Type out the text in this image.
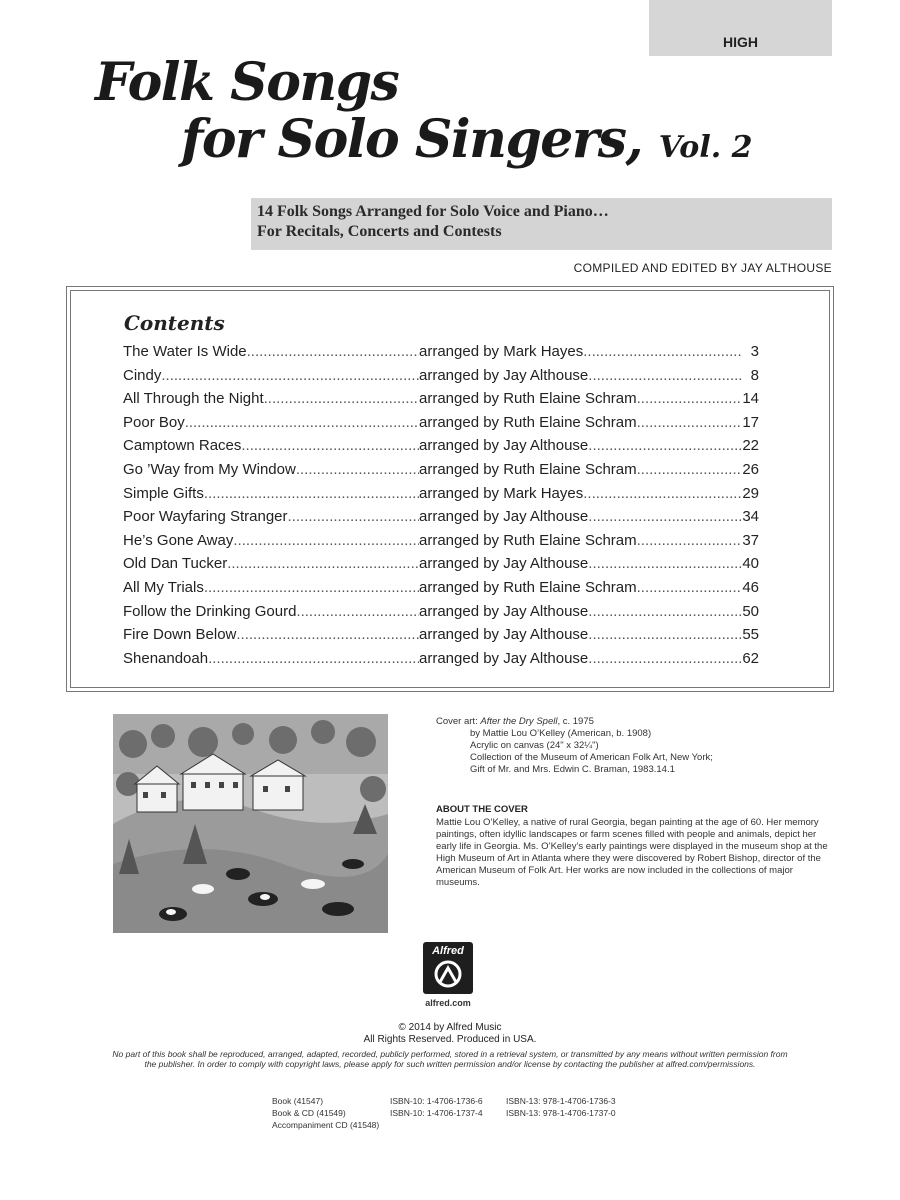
HIGH
Folk Songs
for Solo Singers, Vol. 2
14 Folk Songs Arranged for Solo Voice and Piano…
For Recitals, Concerts and Contests
COMPILED AND EDITED BY JAY ALTHOUSE
Contents
The Water Is Wide .....	arranged by Mark Hayes .....	3
Cindy .....	arranged by Jay Althouse .....	8
All Through the Night .....	arranged by Ruth Elaine Schram .....	14
Poor Boy .....	arranged by Ruth Elaine Schram .....	17
Camptown Races .....	arranged by Jay Althouse .....	22
Go ’Way from My Window .....	arranged by Ruth Elaine Schram .....	26
Simple Gifts .....	arranged by Mark Hayes .....	29
Poor Wayfaring Stranger .....	arranged by Jay Althouse .....	34
He’s Gone Away .....	arranged by Ruth Elaine Schram .....	37
Old Dan Tucker .....	arranged by Jay Althouse .....	40
All My Trials .....	arranged by Ruth Elaine Schram .....	46
Follow the Drinking Gourd .....	arranged by Jay Althouse .....	50
Fire Down Below .....	arranged by Jay Althouse .....	55
Shenandoah .....	arranged by Jay Althouse .....	62
Cover art: After the Dry Spell, c. 1975
by Mattie Lou O’Kelley (American, b. 1908)
Acrylic on canvas (24" x 32¼")
Collection of the Museum of American Folk Art, New York;
Gift of Mr. and Mrs. Edwin C. Braman, 1983.14.1
ABOUT THE COVER
Mattie Lou O’Kelley, a native of rural Georgia, began painting at the age of 60. Her memory paintings, often idyllic landscapes or farm scenes filled with people and animals, depict her early life in Georgia. Ms. O’Kelley’s early paintings were displayed in the museum shop at the High Museum of Art in Atlanta where they were discovered by Robert Bishop, director of the American Museum of Folk Art. Her works are now included in the collections of major museums.
Alfred
alfred.com
© 2014 by Alfred Music
All Rights Reserved. Produced in USA.
No part of this book shall be reproduced, arranged, adapted, recorded, publicly performed, stored in a retrieval system, or transmitted by any means without written permission from the publisher. In order to comply with copyright laws, please apply for such written permission and/or license by contacting the publisher at alfred.com/permissions.
Book (41547)	ISBN-10: 1-4706-1736-6	ISBN-13: 978-1-4706-1736-3
Book & CD (41549)	ISBN-10: 1-4706-1737-4	ISBN-13: 978-1-4706-1737-0
Accompaniment CD (41548)
